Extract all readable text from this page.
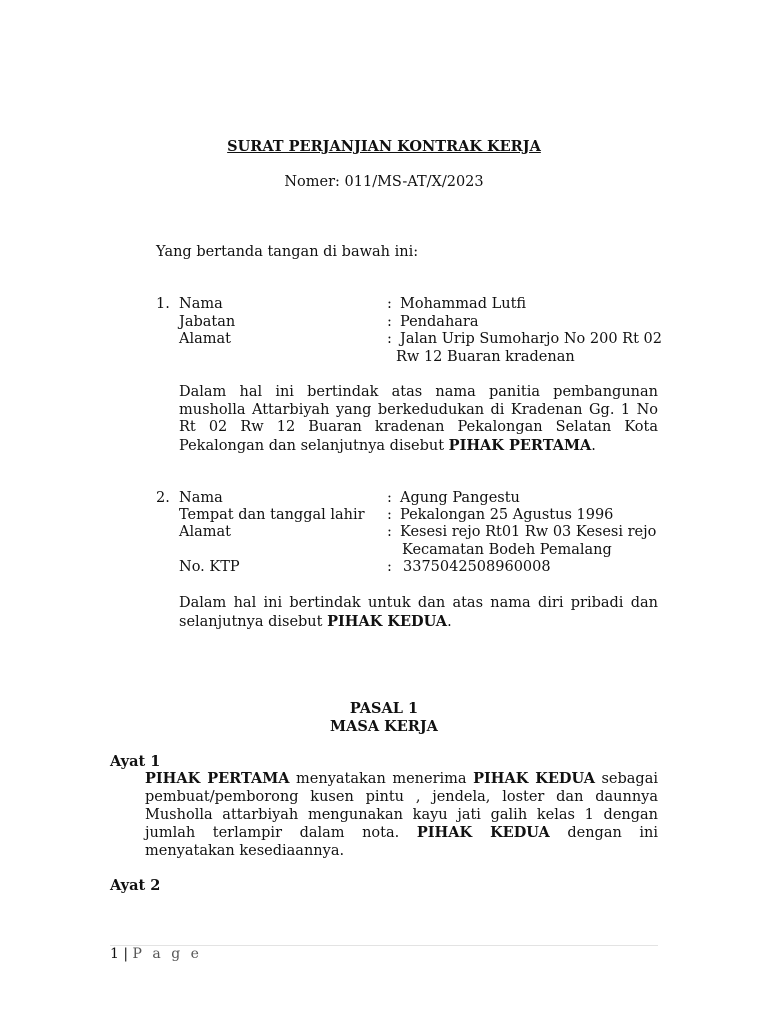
SURAT PERJANJIAN KONTRAK KERJA
Nomer: 011/MS-AT/X/2023
Yang bertanda tangan di bawah ini:
1. Nama	: Mohammad Lutfi
Jabatan	: Pendahara
Alamat	: Jalan Urip Sumoharjo No 200 Rt 02
Rw 12 Buaran kradenan
Dalam hal ini bertindak atas nama panitia pembangunan musholla Attarbiyah yang berkedudukan di Kradenan Gg. 1 No Rt 02 Rw 12 Buaran kradenan Pekalongan Selatan Kota Pekalongan dan selanjutnya disebut PIHAK PERTAMA.
2. Nama	: Agung Pangestu
Tempat dan tanggal lahir : Pekalongan 25 Agustus 1996
Alamat	: Kesesi rejo Rt01 Rw 03 Kesesi rejo
Kecamatan Bodeh Pemalang
No. KTP	: 3375042508960008
Dalam hal ini bertindak untuk dan atas nama diri pribadi dan selanjutnya disebut PIHAK KEDUA.
PASAL 1
MASA KERJA
Ayat 1
PIHAK PERTAMA menyatakan menerima PIHAK KEDUA sebagai pembuat/pemborong kusen pintu , jendela, loster dan daunnya Musholla attarbiyah mengunakan kayu jati galih kelas 1 dengan jumlah terlampir dalam nota. PIHAK KEDUA dengan ini menyatakan kesediaannya.
Ayat 2
1 | P a g e
